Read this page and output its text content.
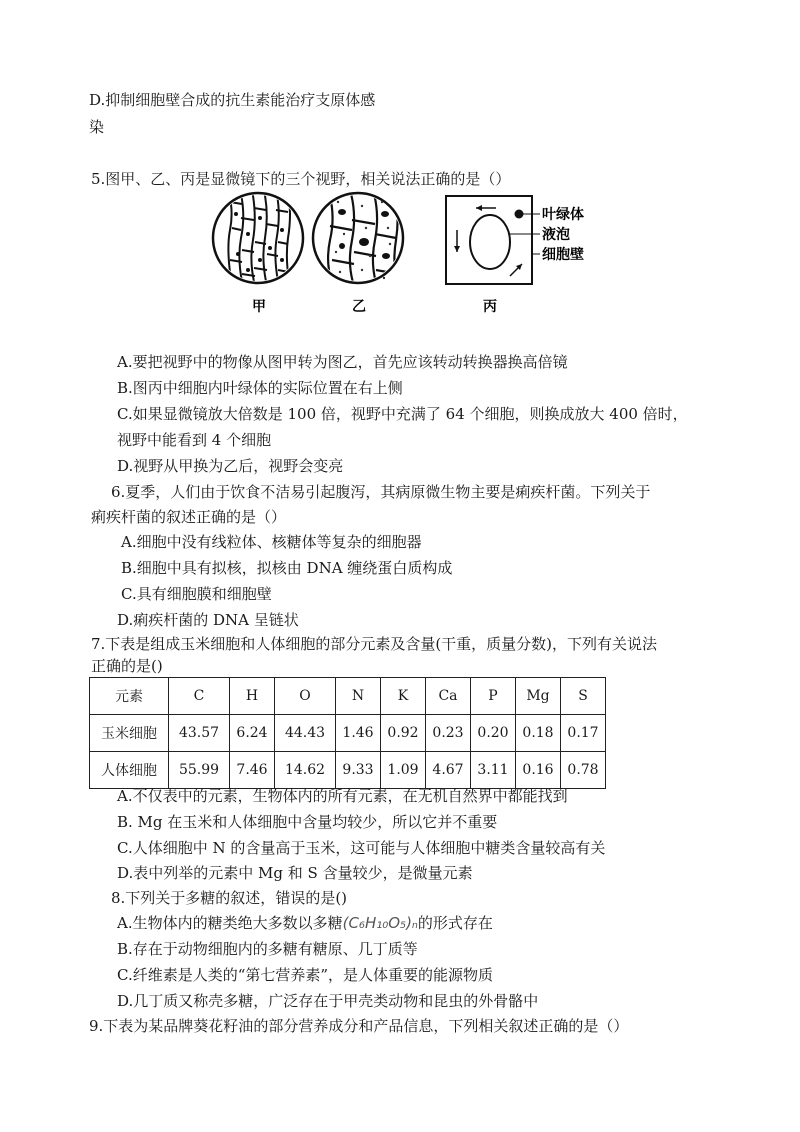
D.抑制细胞壁合成的抗生素能治疗支原体感
染
5.图甲、乙、丙是显微镜下的三个视野，相关说法正确的是（）
叶绿体
液泡
细胞壁
甲	乙	丙
A.要把视野中的物像从图甲转为图乙，首先应该转动转换器换高倍镜
B.图丙中细胞内叶绿体的实际位置在右上侧
C.如果显微镜放大倍数是 100 倍，视野中充满了 64 个细胞，则换成放大 400 倍时，
视野中能看到 4 个细胞
D.视野从甲换为乙后，视野会变亮
6.夏季，人们由于饮食不洁易引起腹泻，其病原微生物主要是痢疾杆菌。下列关于
痢疾杆菌的叙述正确的是（）
A.细胞中没有线粒体、核糖体等复杂的细胞器
B.细胞中具有拟核，拟核由 DNA 缠绕蛋白质构成
C.具有细胞膜和细胞壁
D.痢疾杆菌的 DNA 呈链状
7.下表是组成玉米细胞和人体细胞的部分元素及含量(干重，质量分数)，下列有关说法
正确的是()
元素	C	H	O	N	K	Ca	P	Mg	S
玉米细胞	43.57	6.24	44.43	1.46	0.92	0.23	0.20	0.18	0.17
人体细胞	55.99	7.46	14.62	9.33	1.09	4.67	3.11	0.16	0.78
A.不仅表中的元素，生物体内的所有元素，在无机自然界中都能找到
B. Mg 在玉米和人体细胞中含量均较少，所以它并不重要
C.人体细胞中 N 的含量高于玉米，这可能与人体细胞中糖类含量较高有关
D.表中列举的元素中 Mg 和 S 含量较少，是微量元素
8.下列关于多糖的叙述，错误的是()
A.生物体内的糖类绝大多数以多糖(C₆H₁₀O₅)ₙ的形式存在
B.存在于动物细胞内的多糖有糖原、几丁质等
C.纤维素是人类的“第七营养素”，是人体重要的能源物质
D.几丁质又称壳多糖，广泛存在于甲壳类动物和昆虫的外骨骼中
9.下表为某品牌葵花籽油的部分营养成分和产品信息，下列相关叙述正确的是（）
